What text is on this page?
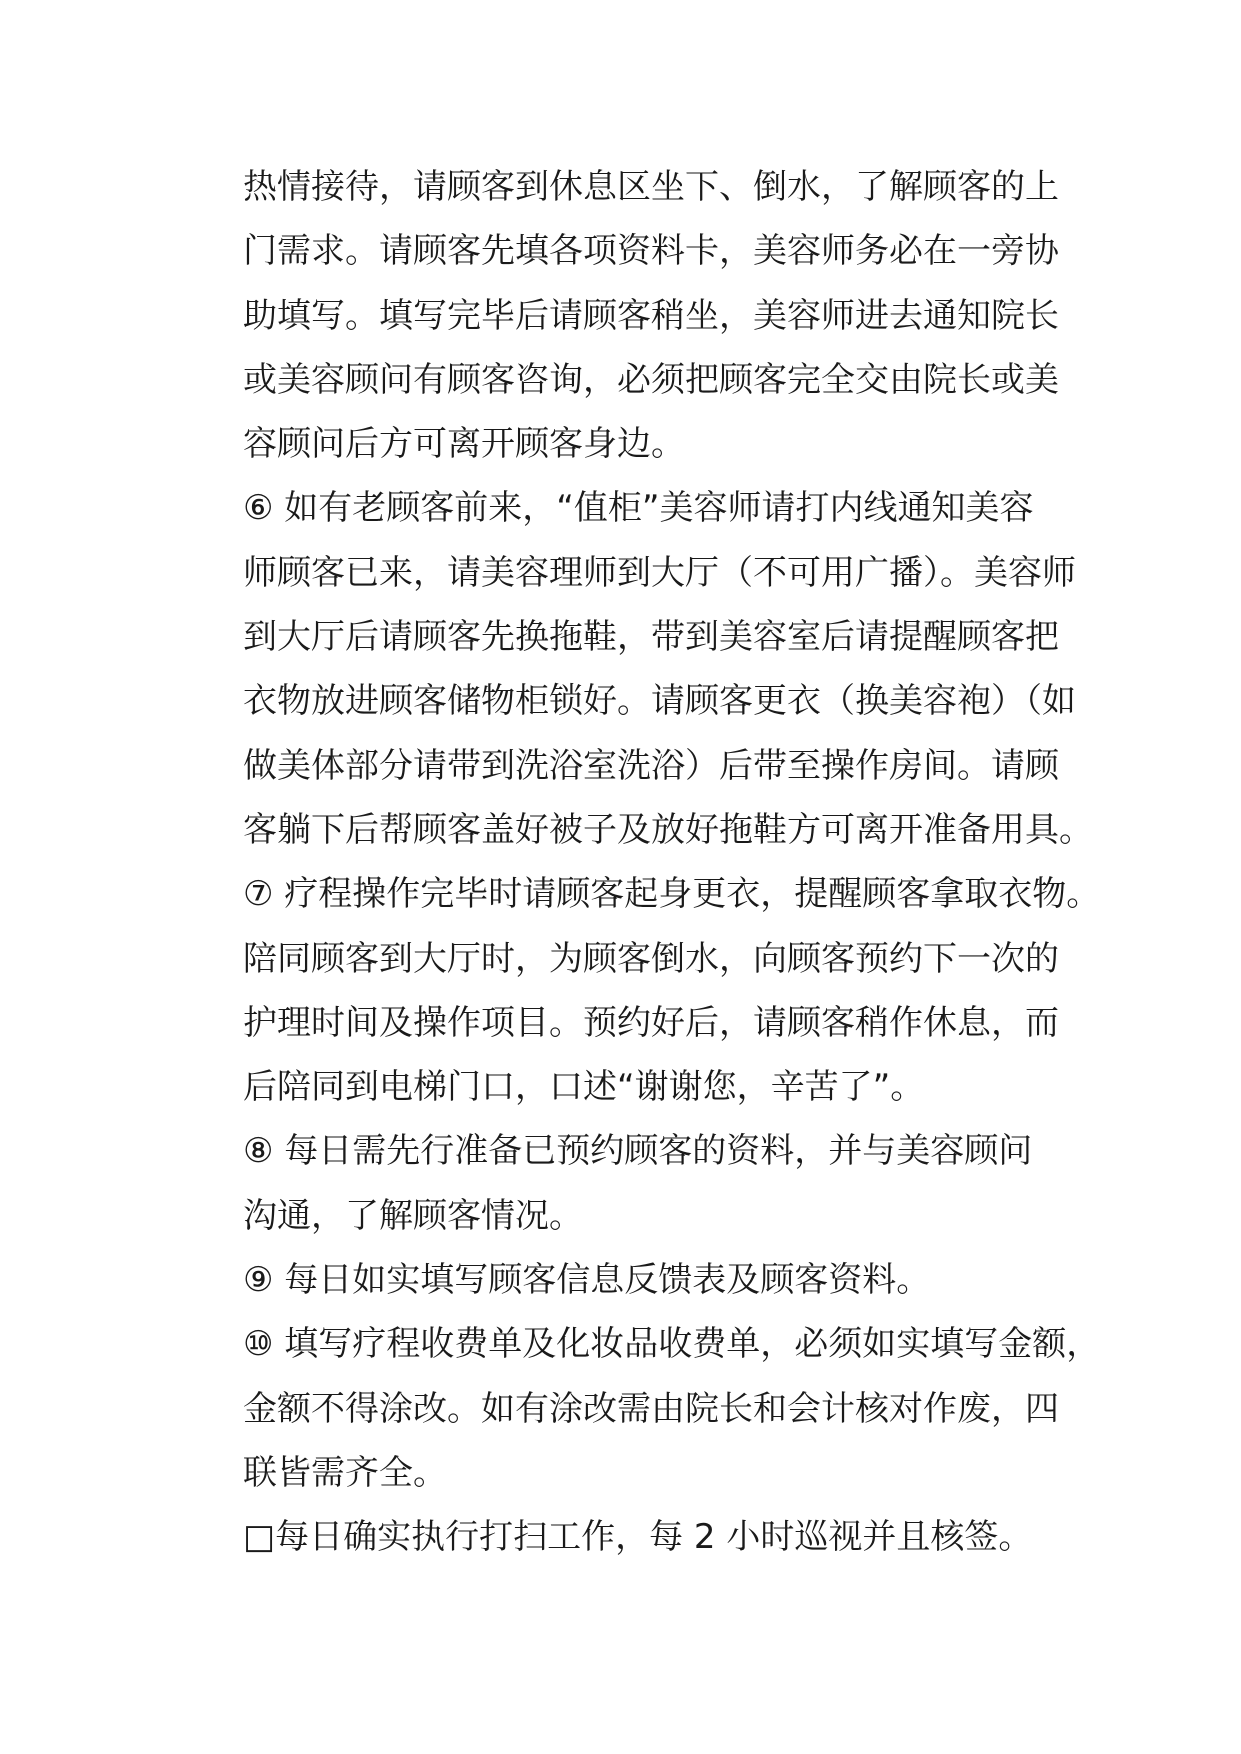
热情接待，请顾客到休息区坐下、倒水，了解顾客的上
门需求。请顾客先填各项资料卡，美容师务必在一旁协
助填写。填写完毕后请顾客稍坐，美容师进去通知院长
或美容顾问有顾客咨询，必须把顾客完全交由院长或美
容顾问后方可离开顾客身边。
⑥ 如有老顾客前来，“值柜”美容师请打内线通知美容
师顾客已来，请美容理师到大厅（不可用广播）。美容师
到大厅后请顾客先换拖鞋，带到美容室后请提醒顾客把
衣物放进顾客储物柜锁好。请顾客更衣（换美容袍）（如
做美体部分请带到洗浴室洗浴）后带至操作房间。请顾
客躺下后帮顾客盖好被子及放好拖鞋方可离开准备用具。
⑦ 疗程操作完毕时请顾客起身更衣，提醒顾客拿取衣物。
陪同顾客到大厅时，为顾客倒水，向顾客预约下一次的
护理时间及操作项目。预约好后，请顾客稍作休息，而
后陪同到电梯门口，口述“谢谢您，辛苦了”。
⑧ 每日需先行准备已预约顾客的资料，并与美容顾问
沟通，了解顾客情况。
⑨ 每日如实填写顾客信息反馈表及顾客资料。
⑩ 填写疗程收费单及化妆品收费单，必须如实填写金额，
金额不得涂改。如有涂改需由院长和会计核对作废，四
联皆需齐全。
□每日确实执行打扫工作，每 2 小时巡视并且核签。
